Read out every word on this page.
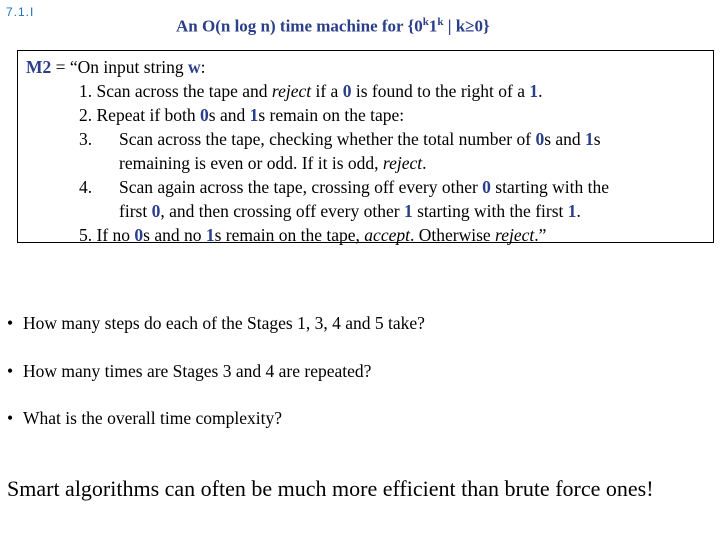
7.1.I
An O(n log n) time machine for {0$^k$1$^k$ | k≥0}
M2 = “On input string w:
1. Scan across the tape and reject if a 0 is found to the right of a 1.
2. Repeat if both 0s and 1s remain on the tape:
3. Scan across the tape, checking whether the total number of 0s and 1s
remaining is even or odd. If it is odd, reject.
4. Scan again across the tape, crossing off every other 0 starting with the
first 0, and then crossing off every other 1 starting with the first 1.
5. If no 0s and no 1s remain on the tape, accept. Otherwise reject.”
• How many steps do each of the Stages 1, 3, 4 and 5 take?
• How many times are Stages 3 and 4 are repeated?
• What is the overall time complexity?
Smart algorithms can often be much more efficient than brute force ones!
